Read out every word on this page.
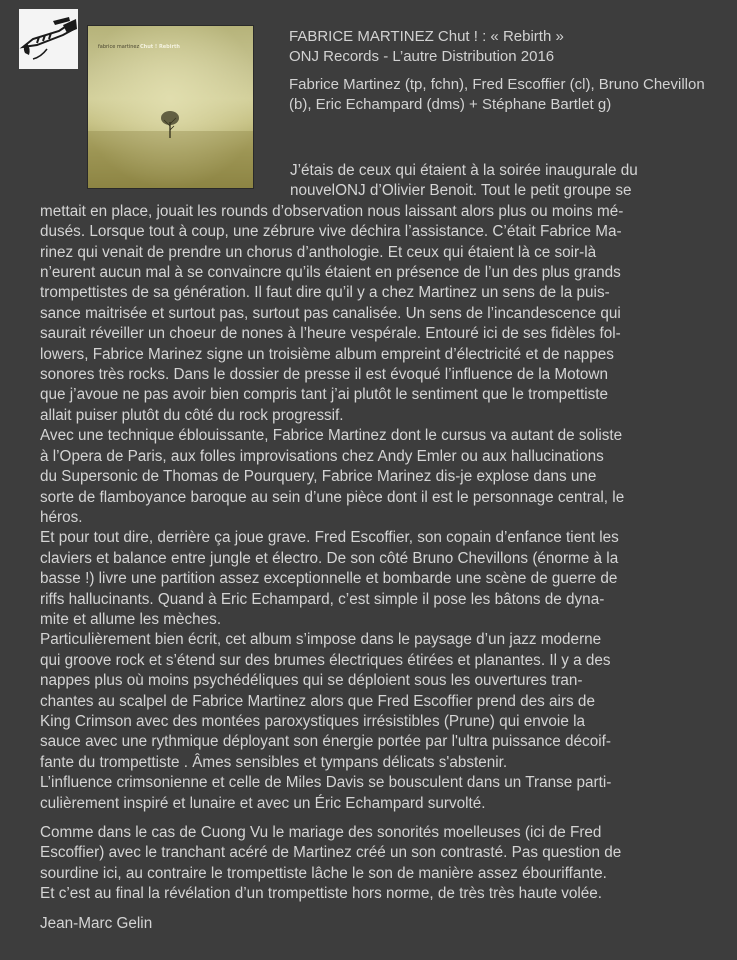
fabrice martinez Chut ! Rebirth

FABRICE MARTINEZ Chut ! : « Rebirth »

ONJ Records - L’autre Distribution 2016

Fabrice Martinez (tp, fchn), Fred Escoffier (cl), Bruno Chevillon (b), Eric Echampard (dms) + Stéphane Bartlet g)

J’étais de ceux qui étaient à la soirée inaugurale du

nouvelONJ d’Olivier Benoit. Tout le petit groupe se

mettait en place, jouait les rounds d’observation nous laissant alors plus ou moins mé-

dusés. Lorsque tout à coup, une zébrure vive déchira l’assistance. C’était Fabrice Ma-

rinez qui venait de prendre un chorus d’anthologie. Et ceux qui étaient là ce soir-là

n’eurent aucun mal à se convaincre qu’ils étaient en présence de l’un des plus grands

trompettistes de sa génération. Il faut dire qu’il y a chez Martinez un sens de la puis-

sance maitrisée et surtout pas, surtout pas canalisée. Un sens de l’incandescence qui

saurait réveiller un choeur de nones à l’heure vespérale. Entouré ici de ses fidèles fol-

lowers, Fabrice Marinez signe un troisième album empreint d’électricité et de nappes

sonores très rocks. Dans le dossier de presse il est évoqué l’influence de la Motown

que j’avoue ne pas avoir bien compris tant j’ai plutôt le sentiment que le trompettiste

allait puiser plutôt du côté du rock progressif.

Avec une technique éblouissante, Fabrice Martinez dont le cursus va autant de soliste

à l’Opera de Paris, aux folles improvisations chez Andy Emler ou aux hallucinations

du Supersonic de Thomas de Pourquery, Fabrice Marinez dis-je explose dans une

sorte de flamboyance baroque au sein d’une pièce dont il est le personnage central, le

héros.

Et pour tout dire, derrière ça joue grave. Fred Escoffier, son copain d’enfance tient les

claviers et balance entre jungle et électro. De son côté Bruno Chevillons (énorme à la

basse !) livre une partition assez exceptionnelle et bombarde une scène de guerre de

riffs hallucinants. Quand à Eric Echampard, c’est simple il pose les bâtons de dyna-

mite et allume les mèches.

Particulièrement bien écrit, cet album s’impose dans le paysage d’un jazz moderne

qui groove rock et s’étend sur des brumes électriques étirées et planantes. Il y a des

nappes plus où moins psychédéliques qui se déploient sous les ouvertures tran-

chantes au scalpel de Fabrice Martinez alors que Fred Escoffier prend des airs de

King Crimson avec des montées paroxystiques irrésistibles (Prune) qui envoie la

sauce avec une rythmique déployant son énergie portée par l'ultra puissance décoif-

fante du trompettiste . Âmes sensibles et tympans délicats s'abstenir.

L’influence crimsonienne et celle de Miles Davis se bousculent dans un Transe parti-

culièrement inspiré et lunaire et avec un Éric Echampard survolté.

Comme dans le cas de Cuong Vu le mariage des sonorités moelleuses (ici de Fred

Escoffier) avec le tranchant acéré de Martinez créé un son contrasté. Pas question de

sourdine ici, au contraire le trompettiste lâche le son de manière assez ébouriffante.

Et c’est au final la révélation d’un trompettiste hors norme, de très très haute volée.

Jean-Marc Gelin
